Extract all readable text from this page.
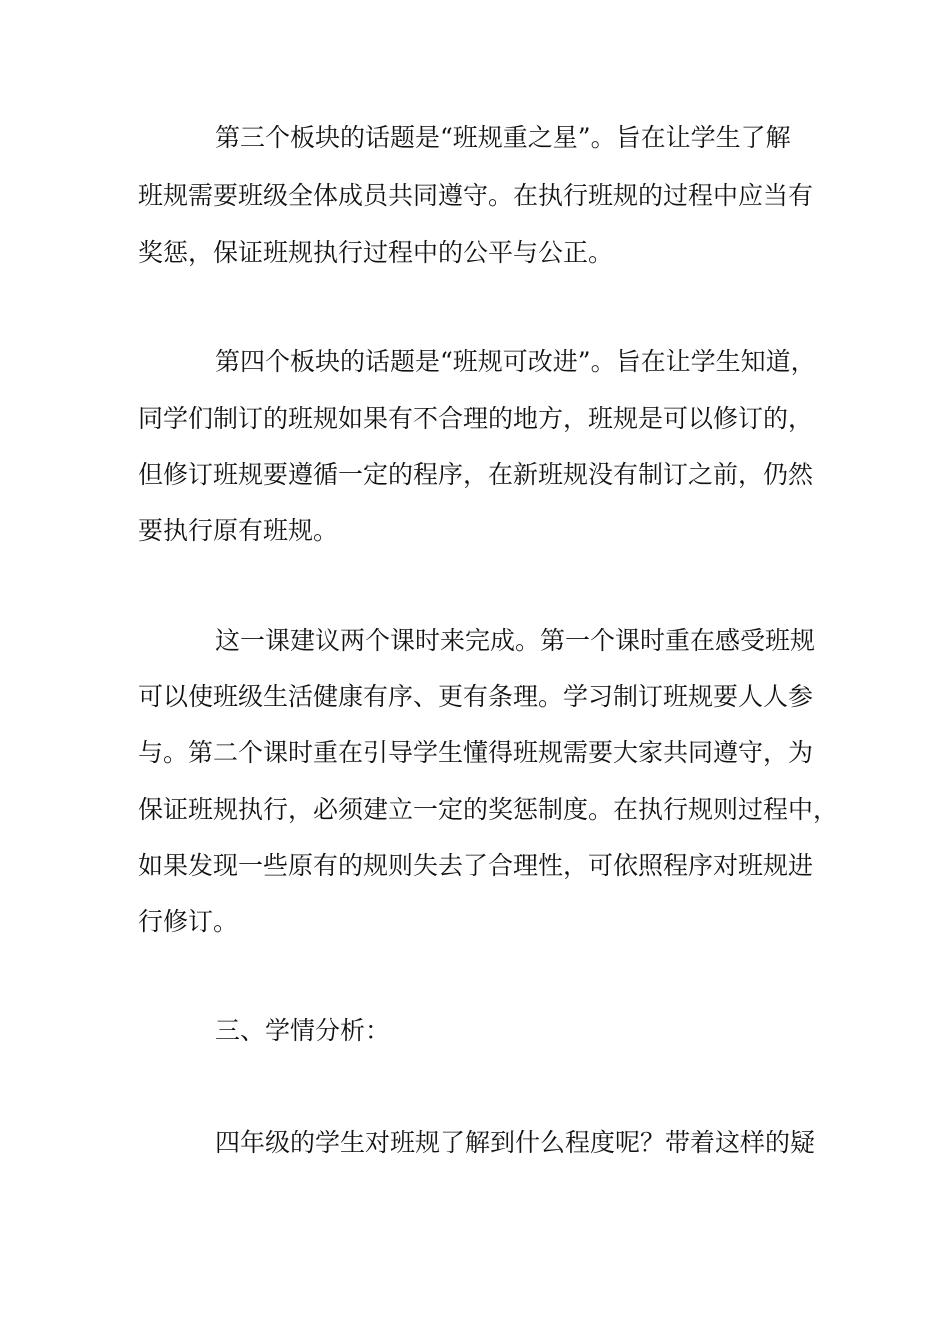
第三个板块的话题是“班规重之星”。旨在让学生了解

班规需要班级全体成员共同遵守。在执行班规的过程中应当有

奖惩，保证班规执行过程中的公平与公正。

第四个板块的话题是“班规可改进”。旨在让学生知道，

同学们制订的班规如果有不合理的地方，班规是可以修订的，

但修订班规要遵循一定的程序，在新班规没有制订之前，仍然

要执行原有班规。

这一课建议两个课时来完成。第一个课时重在感受班规

可以使班级生活健康有序、更有条理。学习制订班规要人人参

与。第二个课时重在引导学生懂得班规需要大家共同遵守，为

保证班规执行，必须建立一定的奖惩制度。在执行规则过程中，

如果发现一些原有的规则失去了合理性，可依照程序对班规进

行修订。

三、学情分析：

四年级的学生对班规了解到什么程度呢？带着这样的疑
